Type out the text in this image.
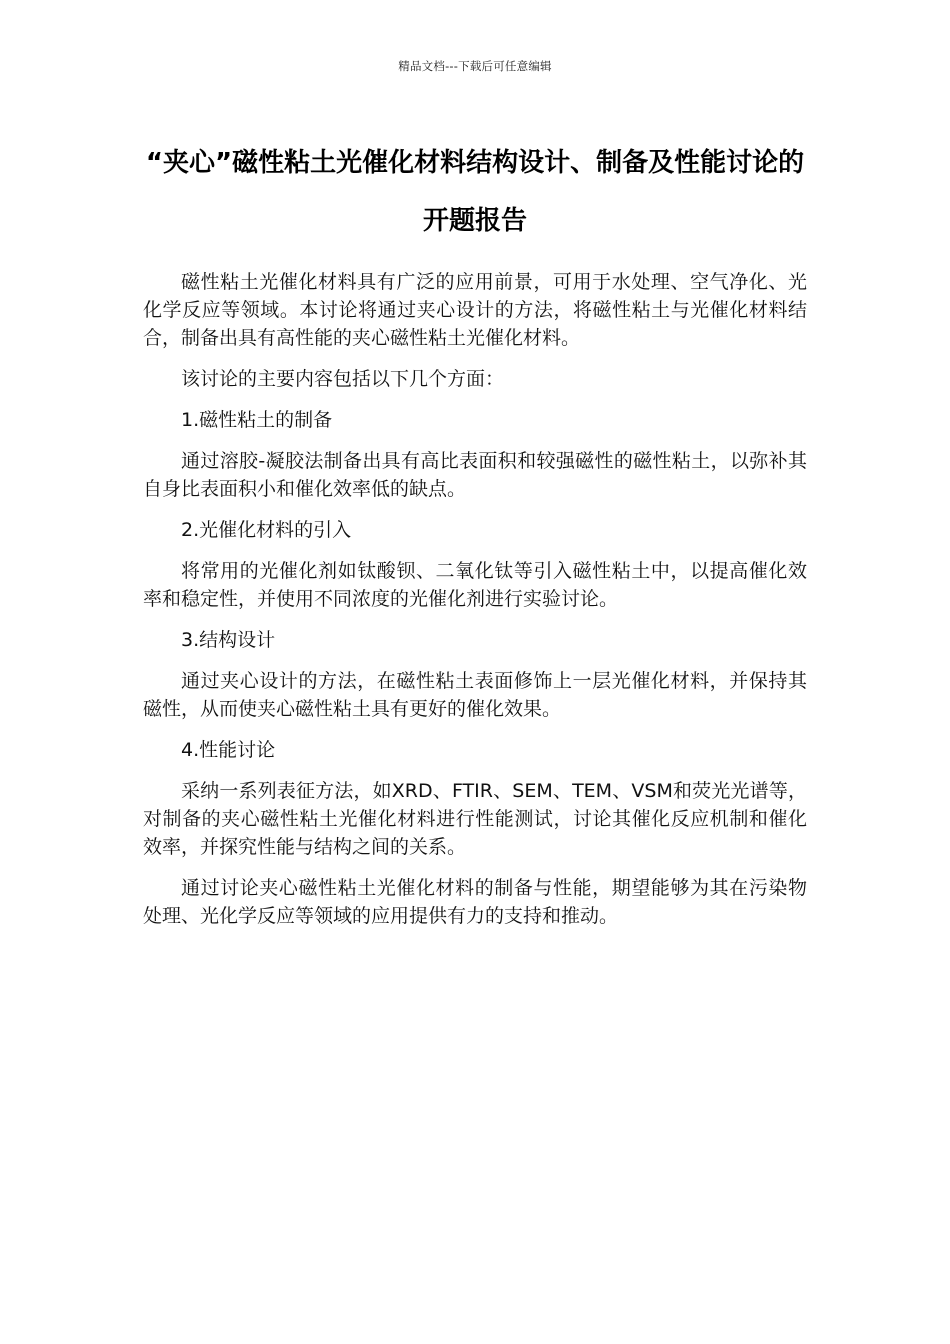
精品文档---下载后可任意编辑
“夹心”磁性粘土光催化材料结构设计、制备及性能讨论的开题报告

磁性粘土光催化材料具有广泛的应用前景，可用于水处理、空气净化、光化学反应等领域。本讨论将通过夹心设计的方法，将磁性粘土与光催化材料结合，制备出具有高性能的夹心磁性粘土光催化材料。

该讨论的主要内容包括以下几个方面：

1.磁性粘土的制备

通过溶胶-凝胶法制备出具有高比表面积和较强磁性的磁性粘土，以弥补其自身比表面积小和催化效率低的缺点。

2.光催化材料的引入

将常用的光催化剂如钛酸钡、二氧化钛等引入磁性粘土中，以提高催化效率和稳定性，并使用不同浓度的光催化剂进行实验讨论。

3.结构设计

通过夹心设计的方法，在磁性粘土表面修饰上一层光催化材料，并保持其磁性，从而使夹心磁性粘土具有更好的催化效果。

4.性能讨论

采纳一系列表征方法，如XRD、FTIR、SEM、TEM、VSM和荧光光谱等，对制备的夹心磁性粘土光催化材料进行性能测试，讨论其催化反应机制和催化效率，并探究性能与结构之间的关系。

通过讨论夹心磁性粘土光催化材料的制备与性能，期望能够为其在污染物处理、光化学反应等领域的应用提供有力的支持和推动。
